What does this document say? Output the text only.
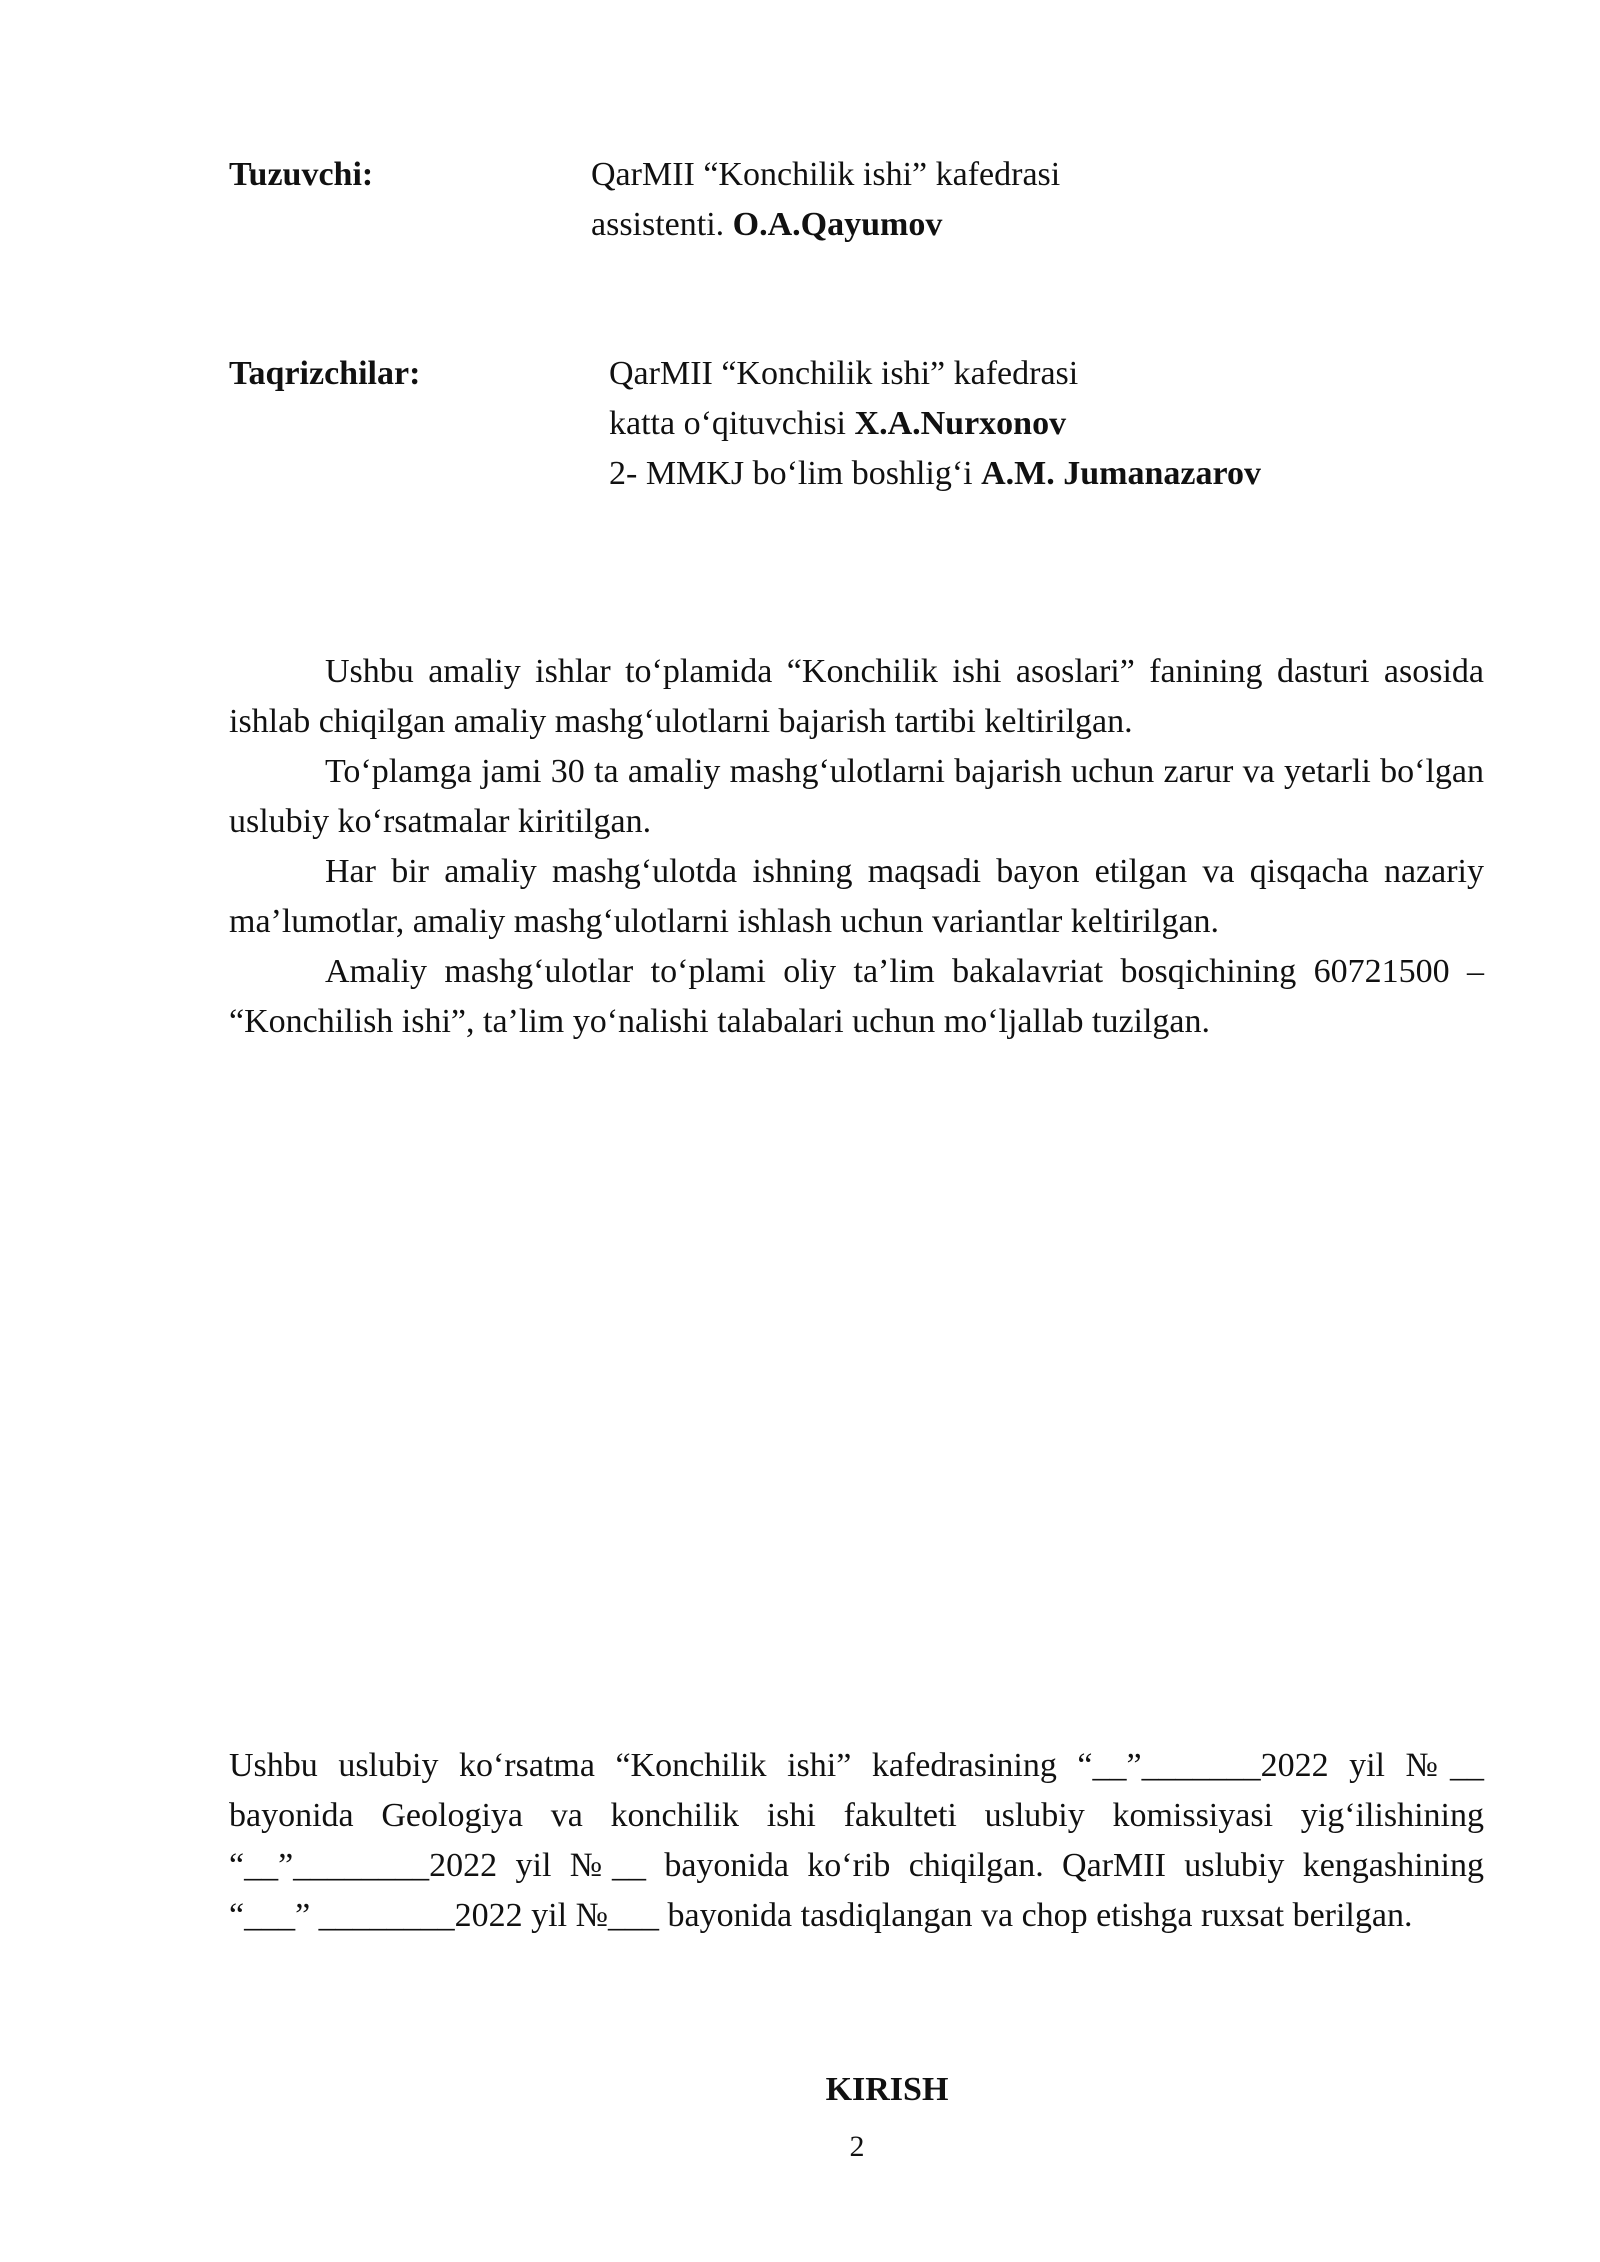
Tuzuvchi:	QarMII “Konchilik ishi” kafedrasi
assistenti. O.A.Qayumov
Taqrizchilar:	QarMII “Konchilik ishi” kafedrasi
katta o‘qituvchisi X.A.Nurxonov
2- MMKJ bo‘lim boshlig‘i A.M. Jumanazarov

Ushbu amaliy ishlar to‘plamida “Konchilik ishi asoslari” fanining dasturi asosida ishlab chiqilgan amaliy mashg‘ulotlarni bajarish tartibi keltirilgan.

To‘plamga jami 30 ta amaliy mashg‘ulotlarni bajarish uchun zarur va yetarli bo‘lgan uslubiy ko‘rsatmalar kiritilgan.

Har bir amaliy mashg‘ulotda ishning maqsadi bayon etilgan va qisqacha nazariy ma’lumotlar, amaliy mashg‘ulotlarni ishlash uchun variantlar keltirilgan.

Amaliy mashg‘ulotlar to‘plami oliy ta’lim bakalavriat bosqichining 60721500 – “Konchilish ishi”, ta’lim yo‘nalishi talabalari uchun mo‘ljallab tuzilgan.

Ushbu uslubiy ko‘rsatma “Konchilik ishi” kafedrasining “__”_______2022 yil №__ bayonida Geologiya va konchilik ishi fakulteti uslubiy komissiyasi yig‘ilishining “__”________2022 yil №__ bayonida ko‘rib chiqilgan. QarMII uslubiy kengashining “___” ________2022 yil №___ bayonida tasdiqlangan va chop etishga ruxsat berilgan.

KIRISH
2
